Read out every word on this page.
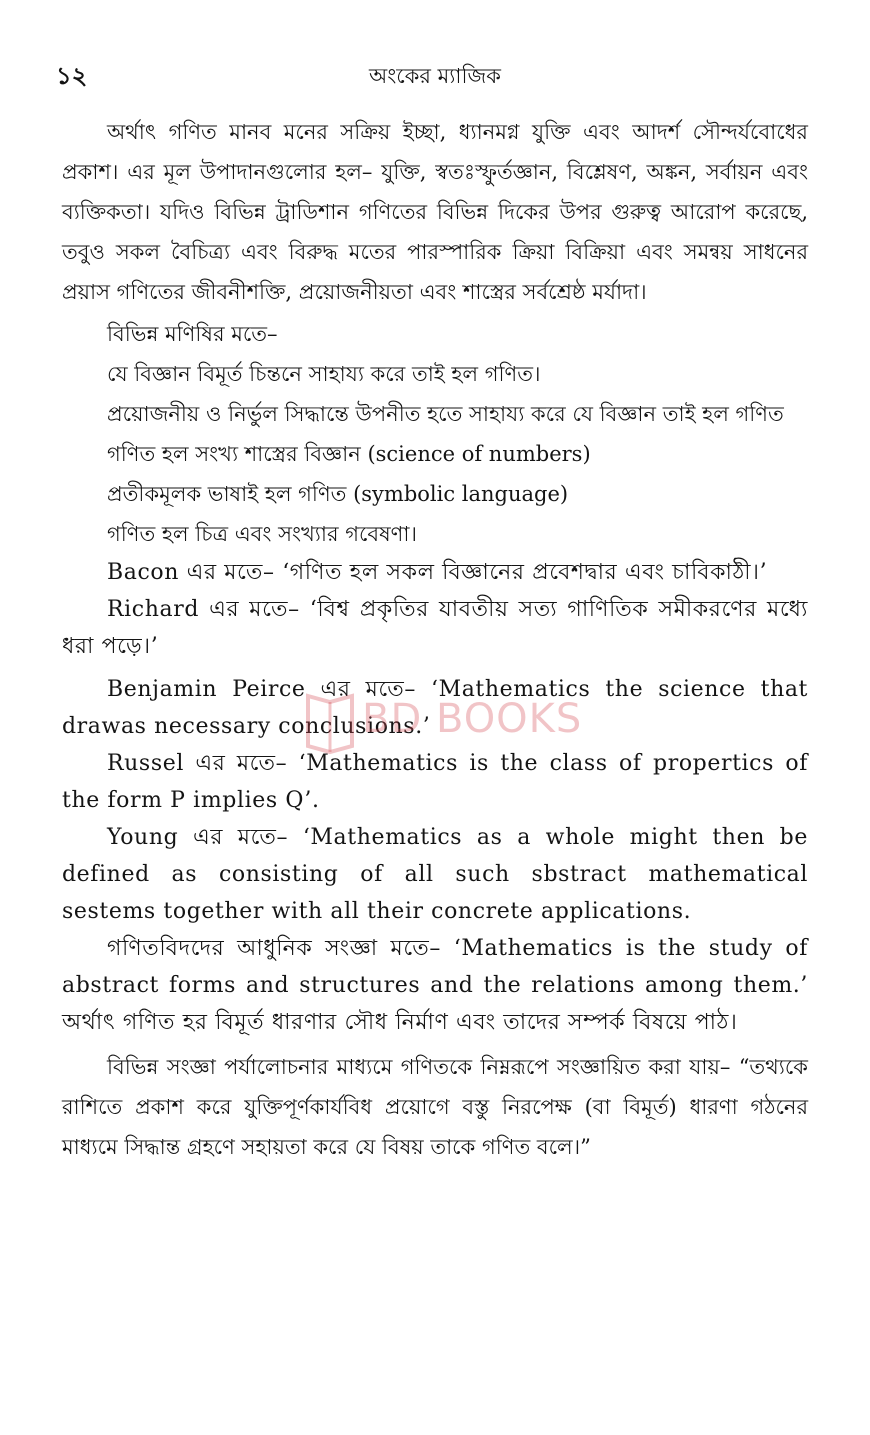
১২	অংকের ম্যাজিক

অর্থাৎ গণিত মানব মনের সক্রিয় ইচ্ছা, ধ্যানমগ্ন যুক্তি এবং আদর্শ সৌন্দর্যবোধের প্রকাশ। এর মূল উপাদানগুলোর হল– যুক্তি, স্বতঃস্ফুর্তজ্ঞান, বিশ্লেষণ, অঙ্কন, সর্বায়ন এবং ব্যক্তিকতা। যদিও বিভিন্ন ট্রাডিশান গণিতের বিভিন্ন দিকের উপর গুরুত্ব আরোপ করেছে, তবুও সকল বৈচিত্র্য এবং বিরুদ্ধ মতের পারস্পারিক ক্রিয়া বিক্রিয়া এবং সমন্বয় সাধনের প্রয়াস গণিতের জীবনীশক্তি, প্রয়োজনীয়তা এবং শাস্ত্রের সর্বশ্রেষ্ঠ মর্যাদা।

বিভিন্ন মণিষির মতে–

যে বিজ্ঞান বিমূর্ত চিন্তনে সাহায্য করে তাই হল গণিত।

প্রয়োজনীয় ও নির্ভুল সিদ্ধান্তে উপনীত হতে সাহায্য করে যে বিজ্ঞান তাই হল গণিত

গণিত হল সংখ্য শাস্ত্রের বিজ্ঞান (science of numbers)

প্রতীকমূলক ভাষাই হল গণিত (symbolic language)

গণিত হল চিত্র এবং সংখ্যার গবেষণা।

Bacon এর মতে– ‘গণিত হল সকল বিজ্ঞানের প্রবেশদ্বার এবং চাবিকাঠী।’

Richard এর মতে– ‘বিশ্ব প্রকৃতির যাবতীয় সত্য গাণিতিক সমীকরণের মধ্যে ধরা পড়ে।’

Benjamin Peirce এর মতে– ‘Mathematics the science that drawas necessary conclusions.’

Russel এর মতে– ‘Mathematics is the class of propertics of the form P implies Q’.

Young এর মতে– ‘Mathematics as a whole might then be defined as consisting of all such sbstract mathematical sestems together with all their concrete applications.

গণিতবিদদের আধুনিক সংজ্ঞা মতে– ‘Mathematics is the study of abstract forms and structures and the relations among them.’ অর্থাৎ গণিত হর বিমূর্ত ধারণার সৌধ নির্মাণ এবং তাদের সম্পর্ক বিষয়ে পাঠ।

বিভিন্ন সংজ্ঞা পর্যালোচনার মাধ্যমে গণিতকে নিম্নরূপে সংজ্ঞায়িত করা যায়– “তথ্যকে রাশিতে প্রকাশ করে যুক্তিপূর্ণকার্যবিধ প্রয়োগে বস্তু নিরপেক্ষ (বা বিমূর্ত) ধারণা গঠনের মাধ্যমে সিদ্ধান্ত গ্রহণে সহায়তা করে যে বিষয় তাকে গণিত বলে।”

BD BOOKS
